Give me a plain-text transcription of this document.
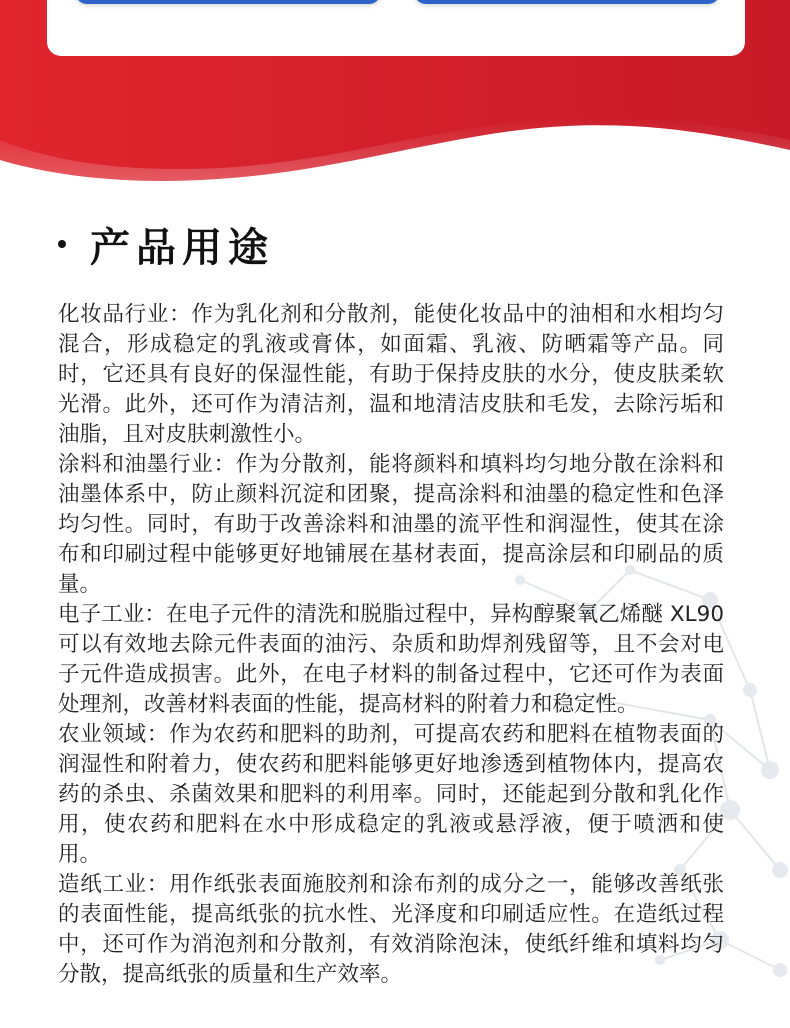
产品用途

化妆品行业：作为乳化剂和分散剂，能使化妆品中的油相和水相均匀混合，形成稳定的乳液或膏体，如面霜、乳液、防晒霜等产品。同时，它还具有良好的保湿性能，有助于保持皮肤的水分，使皮肤柔软光滑。此外，还可作为清洁剂，温和地清洁皮肤和毛发，去除污垢和油脂，且对皮肤刺激性小。

涂料和油墨行业：作为分散剂，能将颜料和填料均匀地分散在涂料和油墨体系中，防止颜料沉淀和团聚，提高涂料和油墨的稳定性和色泽均匀性。同时，有助于改善涂料和油墨的流平性和润湿性，使其在涂布和印刷过程中能够更好地铺展在基材表面，提高涂层和印刷品的质量。

电子工业：在电子元件的清洗和脱脂过程中，异构醇聚氧乙烯醚 XL90 可以有效地去除元件表面的油污、杂质和助焊剂残留等，且不会对电子元件造成损害。此外，在电子材料的制备过程中，它还可作为表面处理剂，改善材料表面的性能，提高材料的附着力和稳定性。

农业领域：作为农药和肥料的助剂，可提高农药和肥料在植物表面的润湿性和附着力，使农药和肥料能够更好地渗透到植物体内，提高农药的杀虫、杀菌效果和肥料的利用率。同时，还能起到分散和乳化作用，使农药和肥料在水中形成稳定的乳液或悬浮液，便于喷洒和使用。

造纸工业：用作纸张表面施胶剂和涂布剂的成分之一，能够改善纸张的表面性能，提高纸张的抗水性、光泽度和印刷适应性。在造纸过程中，还可作为消泡剂和分散剂，有效消除泡沫，使纸纤维和填料均匀分散，提高纸张的质量和生产效率。
